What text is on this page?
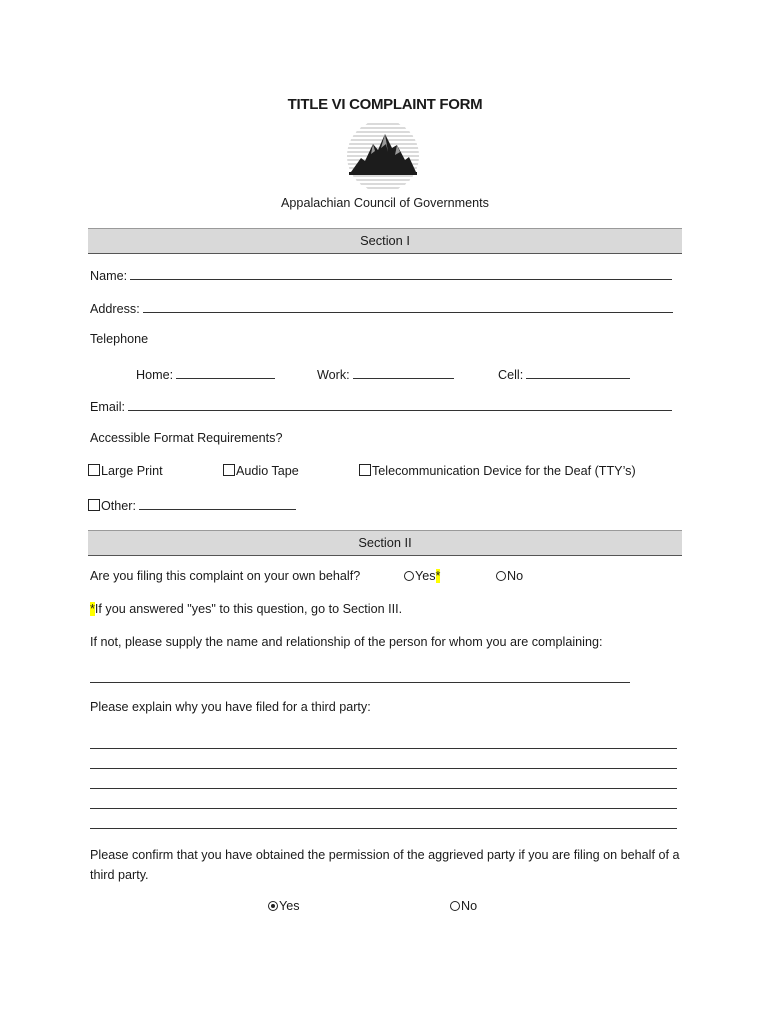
TITLE VI COMPLAINT FORM
Appalachian Council of Governments
Section I
Name:
Address:
Telephone
Home:	Work:	Cell:
Email:
Accessible Format Requirements?
Large Print	Audio Tape	Telecommunication Device for the Deaf (TTY’s)
Other:
Section II
Are you filing this complaint on your own behalf?	Yes*	No
*If you answered "yes" to this question, go to Section III.
If not, please supply the name and relationship of the person for whom you are complaining:
Please explain why you have filed for a third party:
Please confirm that you have obtained the permission of the aggrieved party if you are filing on behalf of a third party.
Yes	No
